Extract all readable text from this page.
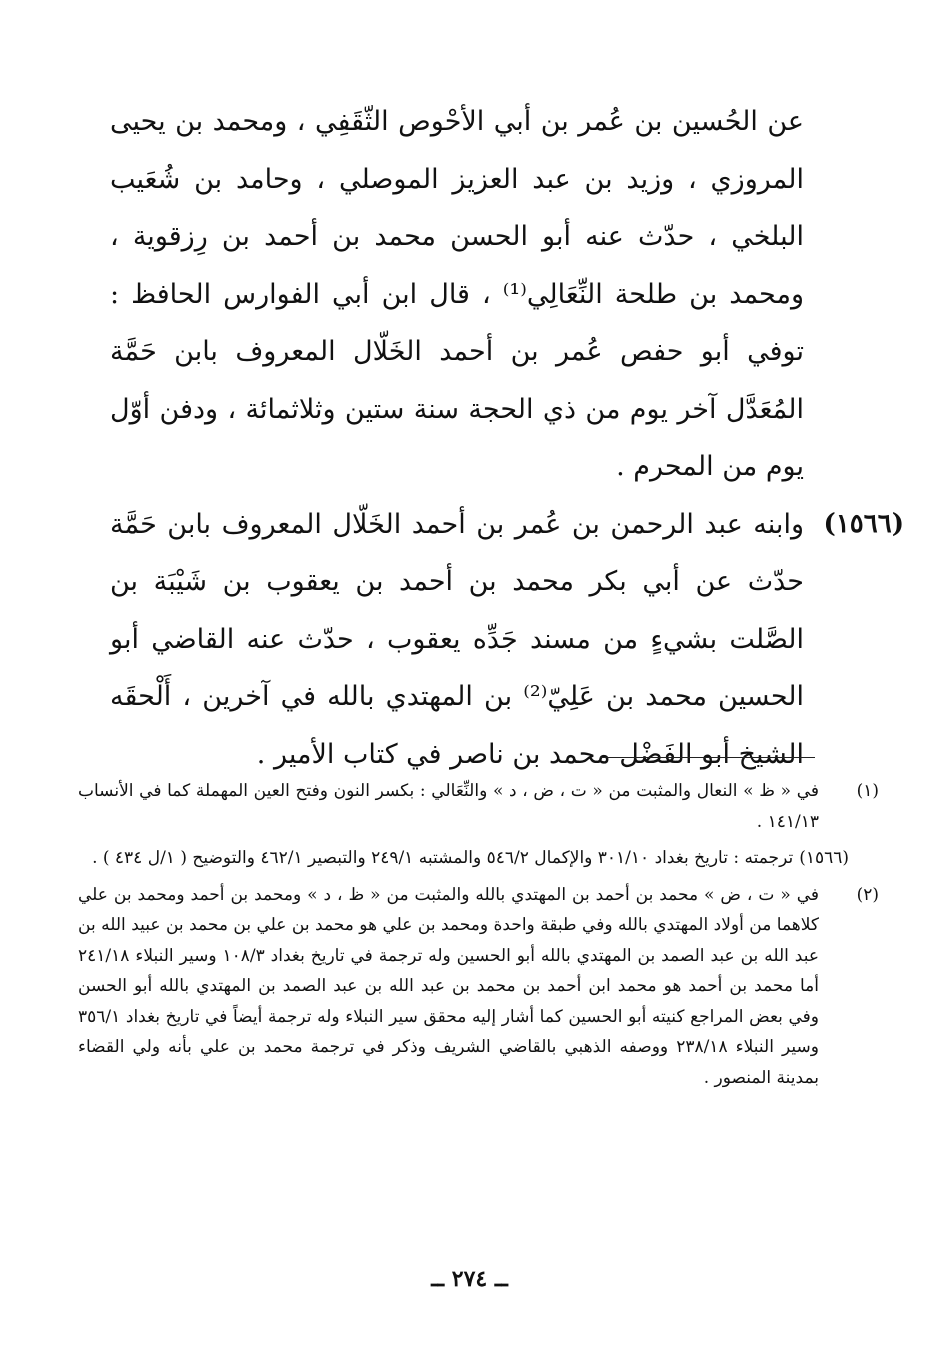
عن الحُسين بن عُمر بن أبي الأحْوص الثّقَفِي ، ومحمد بن يحيى المروزي ، وزيد بن عبد العزيز الموصلي ، وحامد بن شُعَيب البلخي ، حدّث عنه أبو الحسن محمد بن أحمد بن رِزقوية ، ومحمد بن طلحة النِّعَالِي⁽¹⁾ ، قال ابن أبي الفوارس الحافظ : توفي أبو حفص عُمر بن أحمد الخَلّال المعروف بابن حَمَّة المُعَدَّل آخر يوم من ذي الحجة سنة ستين وثلاثمائة ، ودفن أوّل يوم من المحرم .

(١٥٦٦)

وابنه عبد الرحمن بن عُمر بن أحمد الخَلّال المعروف بابن حَمَّة حدّث عن أبي بكر محمد بن أحمد بن يعقوب بن شَيْبَة بن الصَّلت بشيءٍ من مسند جَدِّه يعقوب ، حدّث عنه القاضي أبو الحسين محمد بن عَلِيّ⁽²⁾ بن المهتدي بالله في آخرين ، أَلْحقَه الشيخ أبو الفَضْل محمد بن ناصر في كتاب الأمير .

(١)
في « ظ » النعال والمثبت من « ت ، ض ، د » والنِّعَالي : بكسر النون وفتح العين المهملة كما في الأنساب ١٤١/١٣ .
(١٥٦٦)ترجمته : تاريخ بغداد ٣٠١/١٠ والإكمال ٥٤٦/٢ والمشتبه ٢٤٩/١ والتبصير ٤٦٢/١ والتوضيح ( ١/ل ٤٣٤ ) .
(٢)
في « ت ، ض » محمد بن أحمد بن المهتدي بالله والمثبت من « ظ ، د » ومحمد بن أحمد ومحمد بن علي كلاهما من أولاد المهتدي بالله وفي طبقة واحدة ومحمد بن علي هو محمد بن علي بن محمد بن عبيد الله بن عبد الله بن عبد الصمد بن المهتدي بالله أبو الحسين وله ترجمة في تاريخ بغداد ١٠٨/٣ وسير النبلاء ٢٤١/١٨ أما محمد بن أحمد هو محمد ابن أحمد بن محمد بن عبد الله بن عبد الصمد بن المهتدي بالله أبو الحسن وفي بعض المراجع كنيته أبو الحسين كما أشار إليه محقق سير النبلاء وله ترجمة أيضاً في تاريخ بغداد ٣٥٦/١ وسير النبلاء ٢٣٨/١٨ ووصفه الذهبي بالقاضي الشريف وذكر في ترجمة محمد بن علي بأنه ولي القضاء بمدينة المنصور .
ــ ٢٧٤ ــ
